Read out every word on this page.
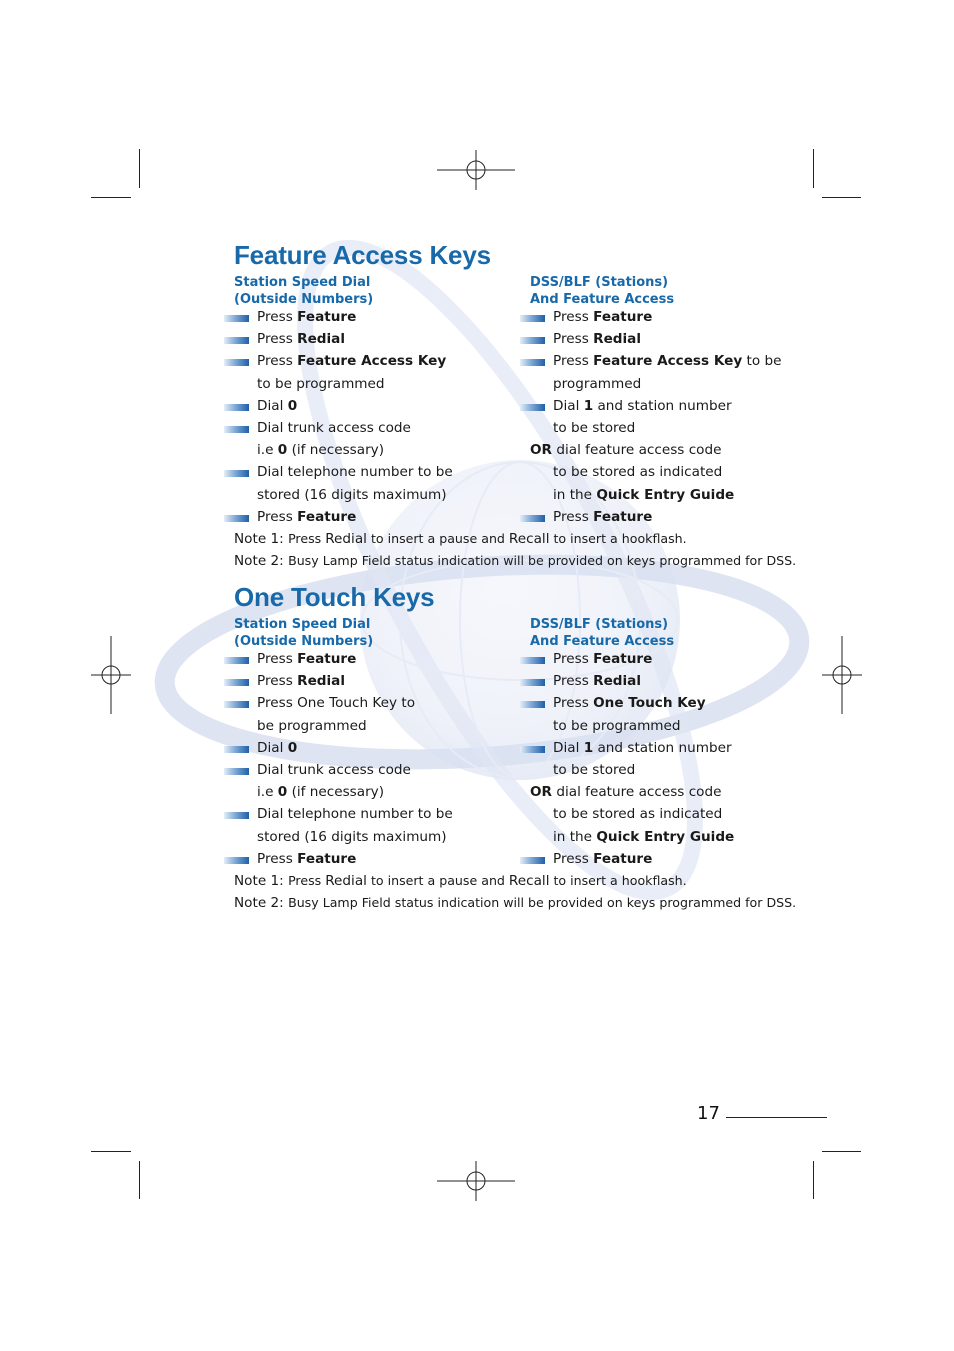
Feature Access Keys
Station Speed Dial
(Outside Numbers)
DSS/BLF (Stations)
And Feature Access
Press Feature
Press Redial
Press Feature Access Key
to be programmed
Dial 0
Dial trunk access code
i.e 0 (if necessary)
Dial telephone number to be
stored (16 digits maximum)
Press Feature
Press Feature
Press Redial
Press Feature Access Key to be
programmed
Dial 1 and station number
to be stored
OR dial feature access code
to be stored as indicated
in the Quick Entry Guide
Press Feature

Note 1: Press Redial to insert a pause and Recall to insert a hookflash.

Note 2: Busy Lamp Field status indication will be provided on keys programmed for DSS.

One Touch Keys
Station Speed Dial
(Outside Numbers)
DSS/BLF (Stations)
And Feature Access
Press Feature
Press Redial
Press One Touch Key to
be programmed
Dial 0
Dial trunk access code
i.e 0 (if necessary)
Dial telephone number to be
stored (16 digits maximum)
Press Feature
Press Feature
Press Redial
Press One Touch Key
to be programmed
Dial 1 and station number
to be stored
OR dial feature access code
to be stored as indicated
in the Quick Entry Guide
Press Feature

Note 1: Press Redial to insert a pause and Recall to insert a hookflash.

Note 2: Busy Lamp Field status indication will be provided on keys programmed for DSS.

17
